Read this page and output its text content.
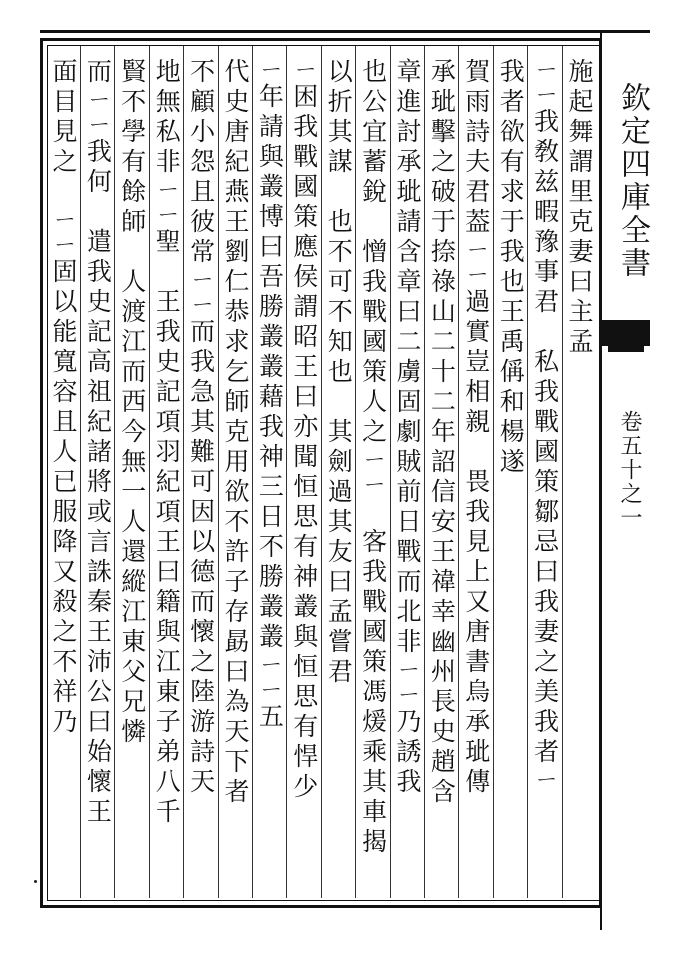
欽定四庫全書
卷五十之一
施起舞謂里克妻曰主孟
ㄧㄧ我敎兹暇豫事君　私我戰國策鄒忌曰我妻之美我者ㄧ
我者欲有求于我也王禹偁和楊遂
賀雨詩夫君葢ㄧㄧ過實豈相親　畏我見上又唐書烏承玼傳
承玼擊之破于捺祿山二十二年詔信安王禕幸幽州長史趙含
章進討承玼請含章曰二虜固劇賊前日戰而北非ㄧㄧ乃誘我
也公宜蓄銳　憎我戰國策人之ㄧㄧ　客我戰國策馮煖乘其車揭
以折其謀　也不可不知也　其劍過其友曰孟嘗君
ㄧ困我戰國策應侯謂昭王曰亦聞恒思有神叢與恒思有悍少
ㄧ年請與叢博曰吾勝叢叢藉我神三日不勝叢叢ㄧㄧ五
代史唐紀燕王劉仁恭求乞師克用欲不許子存勗曰為天下者
不顧小怨且彼常ㄧㄧ而我急其難可因以德而懷之陸游詩天
地無私非ㄧㄧ聖　王我史記項羽紀項王曰籍與江東子弟八千
賢不學有餘師　人渡江而西今無一人還縱江東父兄憐
而ㄧㄧ我何　遣我史記高祖紀諸將或言誅秦王沛公曰始懷王
面目見之　ㄧㄧ固以能寬容且人已服降又殺之不祥乃
